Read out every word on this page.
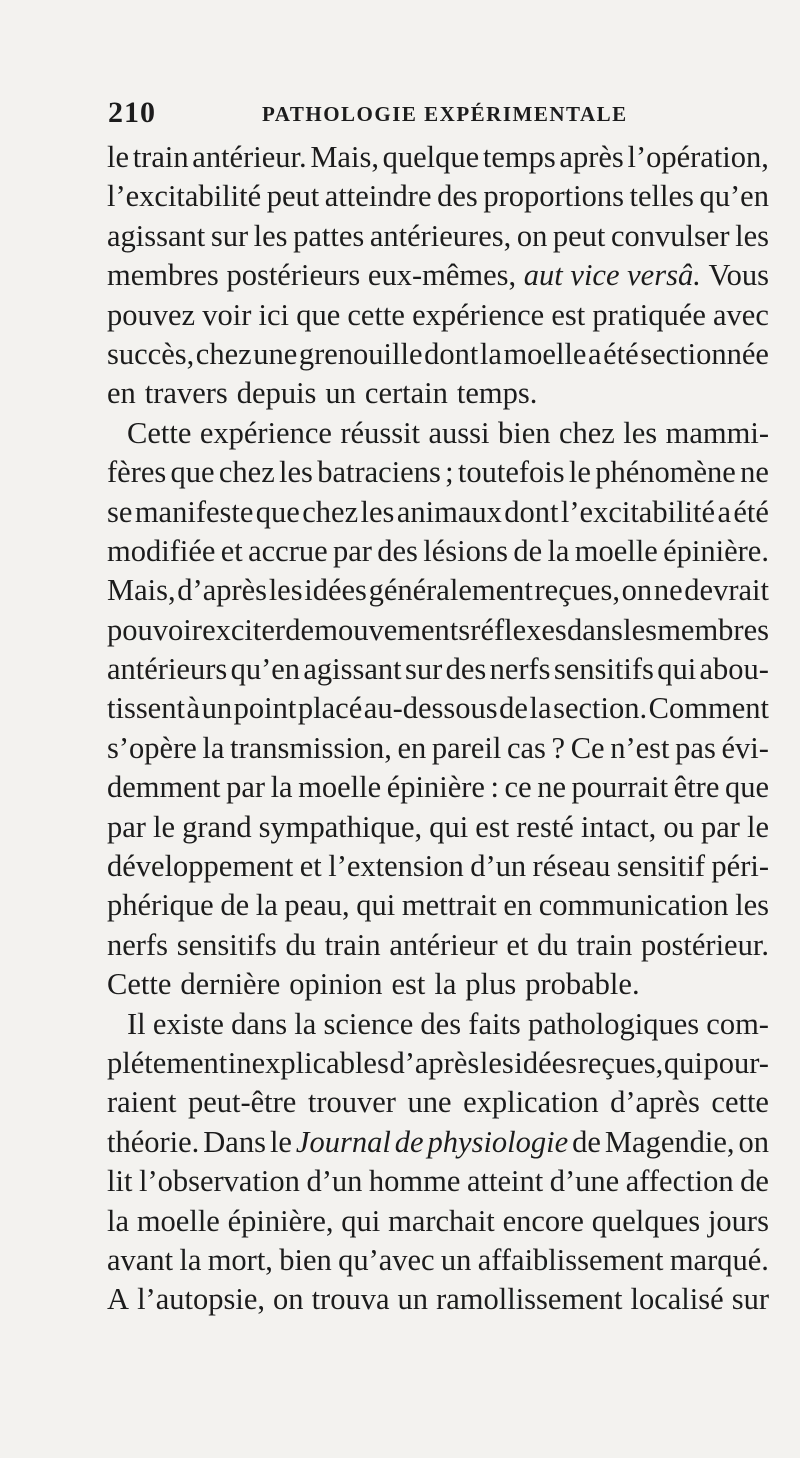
210	PATHOLOGIE EXPÉRIMENTALE
le train antérieur. Mais, quelque temps après l’opération,
l’excitabilité peut atteindre des proportions telles qu’en
agissant sur les pattes antérieures, on peut convulser les
membres postérieurs eux-mêmes, aut vice versâ. Vous
pouvez voir ici que cette expérience est pratiquée avec
succès, chez une grenouille dont la moelle a été sectionnée
en travers depuis un certain temps.
Cette expérience réussit aussi bien chez les mammi-
fères que chez les batraciens ; toutefois le phénomène ne
se manifeste que chez les animaux dont l’excitabilité a été
modifiée et accrue par des lésions de la moelle épinière.
Mais, d’après les idées généralement reçues, on ne devrait
pouvoir exciter de mouvements réflexes dans les membres
antérieurs qu’en agissant sur des nerfs sensitifs qui abou-
tissent à un point placé au-dessous de la section. Comment
s’opère la transmission, en pareil cas ? Ce n’est pas évi-
demment par la moelle épinière : ce ne pourrait être que
par le grand sympathique, qui est resté intact, ou par le
développement et l’extension d’un réseau sensitif péri-
phérique de la peau, qui mettrait en communication les
nerfs sensitifs du train antérieur et du train postérieur.
Cette dernière opinion est la plus probable.
Il existe dans la science des faits pathologiques com-
plétement inexplicables d’après les idées reçues, qui pour-
raient peut-être trouver une explication d’après cette
théorie. Dans le Journal de physiologie de Magendie, on
lit l’observation d’un homme atteint d’une affection de
la moelle épinière, qui marchait encore quelques jours
avant la mort, bien qu’avec un affaiblissement marqué.
A l’autopsie, on trouva un ramollissement localisé sur
